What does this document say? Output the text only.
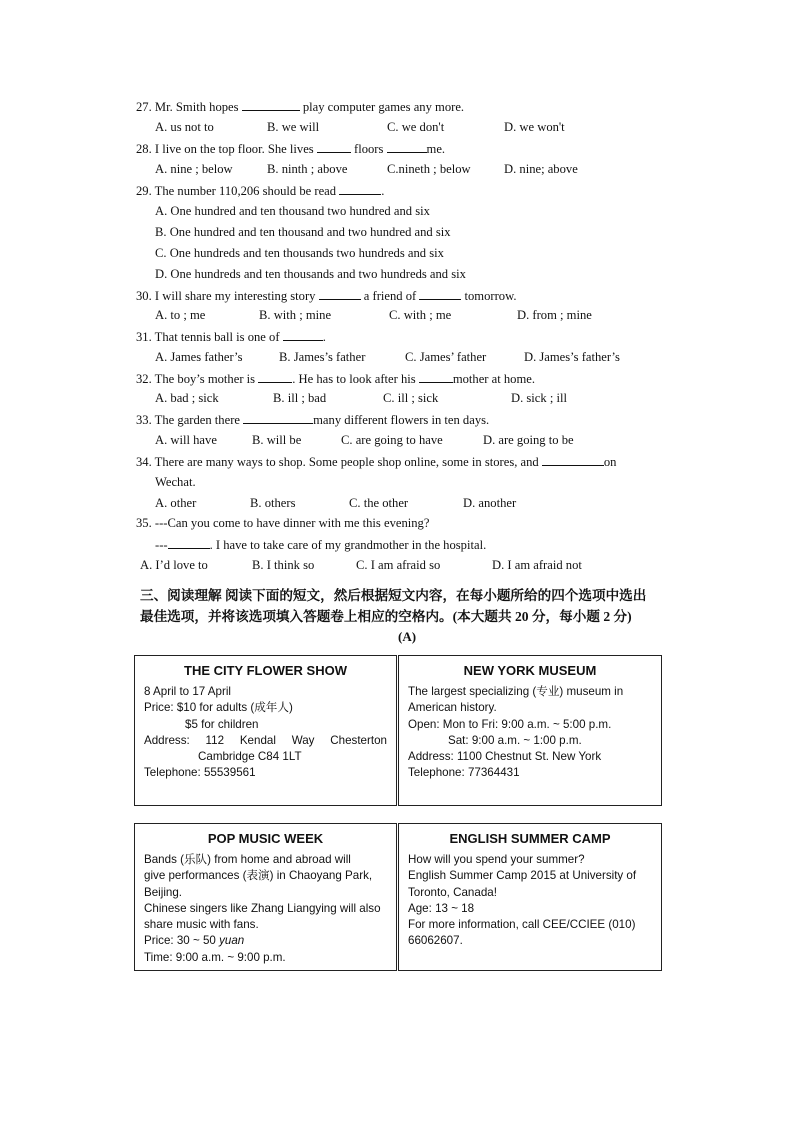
27. Mr. Smith hopes	play computer games any more.
A. us not to	B. we will	C. we don't	D. we won't
28. I live on the top floor. She lives	floors	me.
A. nine ; below	B. ninth ; above	C.nineth ; below	D. nine; above
29. The number 110,206 should be read	.
A. One hundred and ten thousand two hundred and six
B. One hundred and ten thousand and two hundred and six
C. One hundreds and ten thousands two hundreds and six
D. One hundreds and ten thousands and two hundreds and six
30. I will share my interesting story	a friend of	tomorrow.
A. to ; me	B. with ; mine	C. with ; me	D. from ; mine
31. That tennis ball is one of	.
A. James father’s	B. James’s father	C. James’ father	D. James’s father’s
32. The boy’s mother is	. He has to look after his	mother at home.
A. bad ; sick	B. ill ; bad	C. ill ; sick	D. sick ; ill
33. The garden there	many different flowers in ten days.
A. will have	B. will be	C. are going to have	D. are going to be
34. There are many ways to shop. Some people shop online, some in stores, and	on
Wechat.
A. other	B. others	C. the other	D. another
35. ---Can you come to have dinner with me this evening?
---	. I have to take care of my grandmother in the hospital.
A. I’d love to	B. I think so	C. I am afraid so	D. I am afraid not
三、阅读理解 阅读下面的短文，然后根据短文内容，在每小题所给的四个选项中选出
最佳选项，并将该选项填入答题卷上相应的空格内。(本大题共 20 分，每小题 2 分)
(A)
THE CITY FLOWER SHOW

8 April to 17 April

Price: $10 for adults (成年人)

$5 for children

Address: 112 Kendal Way Chesterton

Cambridge C84 1LT

Telephone: 55539561

NEW YORK MUSEUM

The largest specializing (专业) museum in

American history.

Open: Mon to Fri: 9:00 a.m. ~ 5:00 p.m.

Sat: 9:00 a.m. ~ 1:00 p.m.

Address: 1100 Chestnut St. New York

Telephone: 77364431

POP MUSIC WEEK

Bands (乐队) from home and abroad will

give performances (表演) in Chaoyang Park,

Beijing.

Chinese singers like Zhang Liangying will also

share music with fans.

Price: 30 ~ 50 yuan

Time: 9:00 a.m. ~ 9:00 p.m.

ENGLISH SUMMER CAMP

How will you spend your summer?

English Summer Camp 2015 at University of

Toronto, Canada!

Age: 13 ~ 18

For more information, call CEE/CCIEE (010)

66062607.
